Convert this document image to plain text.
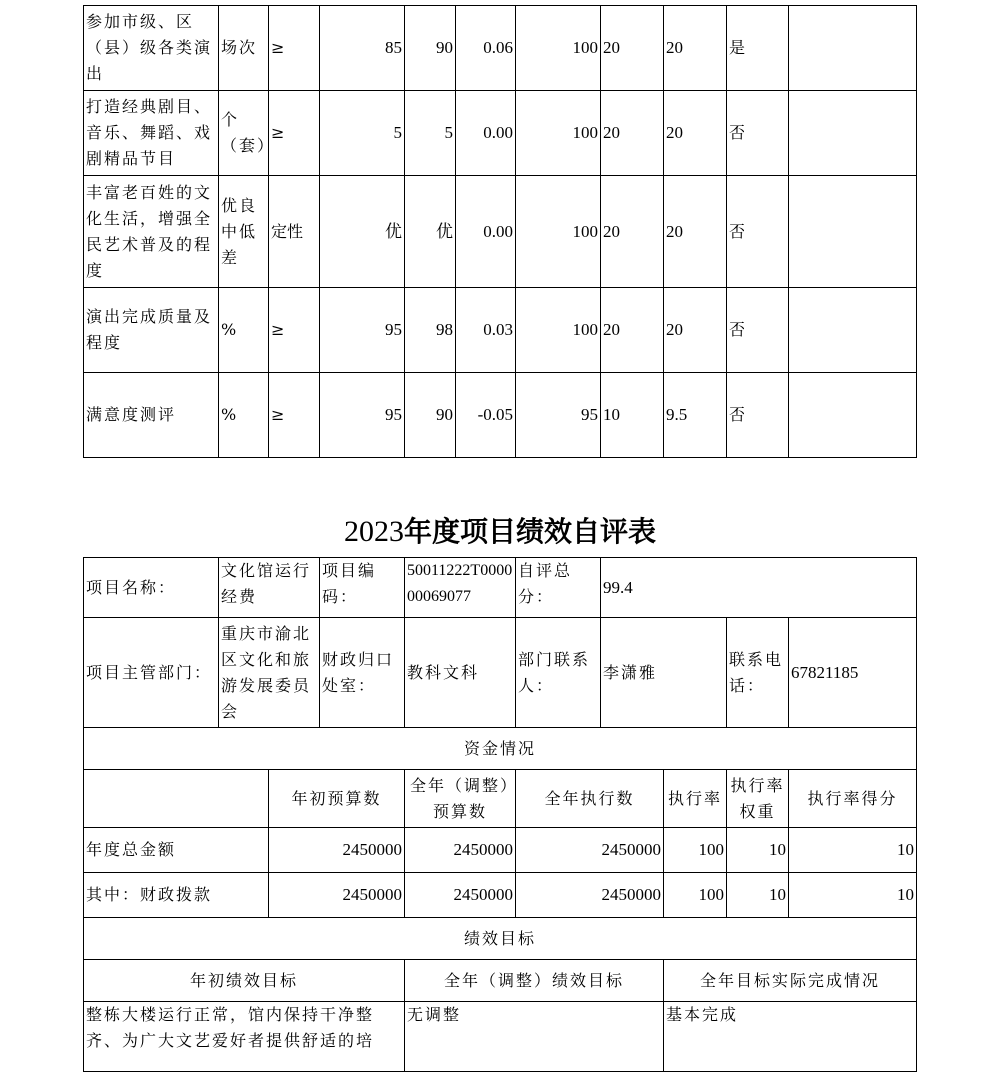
参加市级、区（县）级各类演出	场次	≥	85	90	0.06	100	20	20	是	
打造经典剧目、音乐、舞蹈、戏剧精品节目	个（套）	≥	5	5	0.00	100	20	20	否	
丰富老百姓的文化生活，增强全民艺术普及的程度	优良中低差	定性	优	优	0.00	100	20	20	否	
演出完成质量及程度	%	≥	95	98	0.03	100	20	20	否	
满意度测评	%	≥	95	90	-0.05	95	10	9.5	否	
2023年度项目绩效自评表
项目名称：	文化馆运行经费		项目编码：	50011222T000000069077	自评总分：	99.4			
项目主管部门：	重庆市渝北区文化和旅游发展委员会		财政归口处室：	教科文科	部门联系人：	李潇雅		联系电话：	67821185
资金情况									
		年初预算数		全年（调整）预算数	全年执行数		执行率	执行率权重	执行率得分
年度总金额		2450000		2450000	2450000		100	10	10
其中：财政拨款		2450000		2450000	2450000		100	10	10
绩效目标									
年初绩效目标				全年（调整）绩效目标			全年目标实际完成情况		
整栋大楼运行正常，馆内保持干净整齐、为广大文艺爱好者提供舒适的培				无调整			基本完成		
